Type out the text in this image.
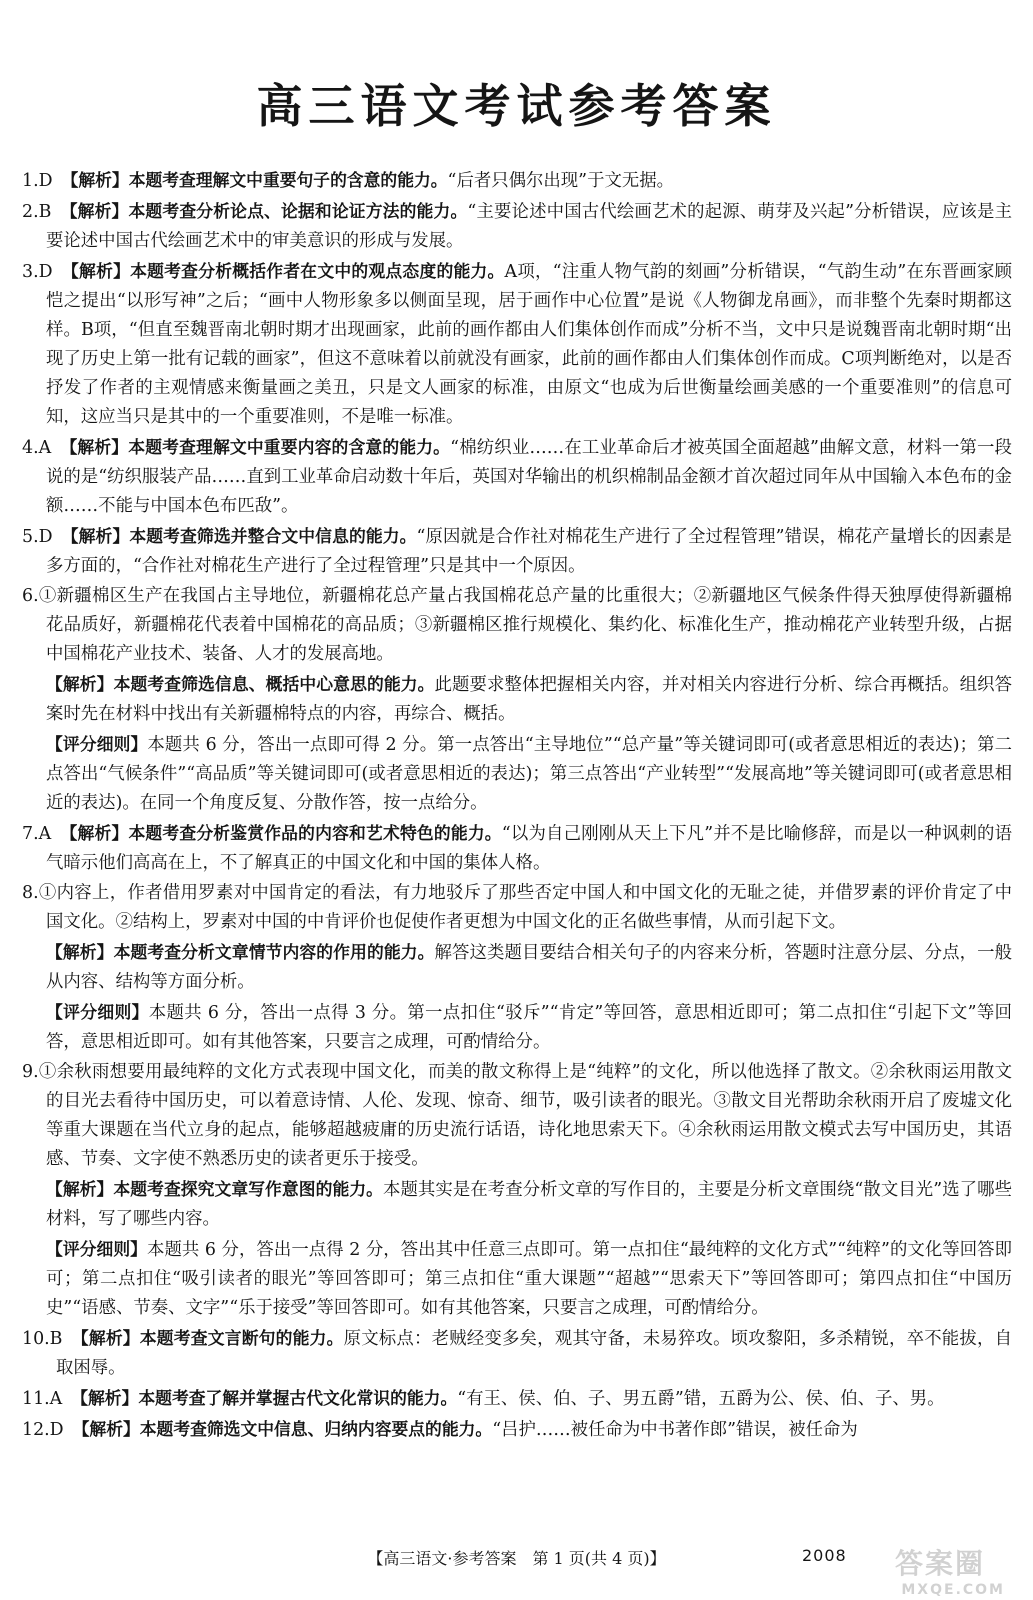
高三语文考试参考答案

1.D　 【解析】本题考查理解文中重要句子的含意的能力。“后者只偶尔出现”于文无据。

2.B　 【解析】本题考查分析论点、论据和论证方法的能力。“主要论述中国古代绘画艺术的起源、萌芽及兴起”分析错误，应该是主要论述中国古代绘画艺术中的审美意识的形成与发展。

3.D　 【解析】本题考查分析概括作者在文中的观点态度的能力。A项，“注重人物气韵的刻画”分析错误，“气韵生动”在东晋画家顾恺之提出“以形写神”之后；“画中人物形象多以侧面呈现，居于画作中心位置”是说《人物御龙帛画》，而非整个先秦时期都这样。B项，“但直至魏晋南北朝时期才出现画家，此前的画作都由人们集体创作而成”分析不当，文中只是说魏晋南北朝时期“出现了历史上第一批有记载的画家”，但这不意味着以前就没有画家，此前的画作都由人们集体创作而成。C项判断绝对，以是否抒发了作者的主观情感来衡量画之美丑，只是文人画家的标准，由原文“也成为后世衡量绘画美感的一个重要准则”的信息可知，这应当只是其中的一个重要准则，不是唯一标准。

4.A　 【解析】本题考查理解文中重要内容的含意的能力。“棉纺织业……在工业革命后才被英国全面超越”曲解文意，材料一第一段说的是“纺织服装产品……直到工业革命启动数十年后，英国对华输出的机织棉制品金额才首次超过同年从中国输入本色布的金额……不能与中国本色布匹敌”。

5.D　 【解析】本题考查筛选并整合文中信息的能力。“原因就是合作社对棉花生产进行了全过程管理”错误，棉花产量增长的因素是多方面的，“合作社对棉花生产进行了全过程管理”只是其中一个原因。

6.①新疆棉区生产在我国占主导地位，新疆棉花总产量占我国棉花总产量的比重很大；②新疆地区气候条件得天独厚使得新疆棉花品质好，新疆棉花代表着中国棉花的高品质；③新疆棉区推行规模化、集约化、标准化生产，推动棉花产业转型升级，占据中国棉花产业技术、装备、人才的发展高地。

【解析】本题考查筛选信息、概括中心意思的能力。此题要求整体把握相关内容，并对相关内容进行分析、综合再概括。组织答案时先在材料中找出有关新疆棉特点的内容，再综合、概括。

【评分细则】本题共 6 分，答出一点即可得 2 分。第一点答出“主导地位”“总产量”等关键词即可(或者意思相近的表达)；第二点答出“气候条件”“高品质”等关键词即可(或者意思相近的表达)；第三点答出“产业转型”“发展高地”等关键词即可(或者意思相近的表达)。在同一个角度反复、分散作答，按一点给分。

7.A　 【解析】本题考查分析鉴赏作品的内容和艺术特色的能力。“以为自己刚刚从天上下凡”并不是比喻修辞，而是以一种讽刺的语气暗示他们高高在上，不了解真正的中国文化和中国的集体人格。

8.①内容上，作者借用罗素对中国肯定的看法，有力地驳斥了那些否定中国人和中国文化的无耻之徒，并借罗素的评价肯定了中国文化。②结构上，罗素对中国的中肯评价也促使作者更想为中国文化的正名做些事情，从而引起下文。

【解析】本题考查分析文章情节内容的作用的能力。解答这类题目要结合相关句子的内容来分析，答题时注意分层、分点，一般从内容、结构等方面分析。

【评分细则】本题共 6 分，答出一点得 3 分。第一点扣住“驳斥”“肯定”等回答，意思相近即可；第二点扣住“引起下文”等回答，意思相近即可。如有其他答案，只要言之成理，可酌情给分。

9.①余秋雨想要用最纯粹的文化方式表现中国文化，而美的散文称得上是“纯粹”的文化，所以他选择了散文。②余秋雨运用散文的目光去看待中国历史，可以着意诗情、人伦、发现、惊奇、细节，吸引读者的眼光。③散文目光帮助余秋雨开启了废墟文化等重大课题在当代立身的起点，能够超越疲庸的历史流行话语，诗化地思索天下。④余秋雨运用散文模式去写中国历史，其语感、节奏、文字使不熟悉历史的读者更乐于接受。

【解析】本题考查探究文章写作意图的能力。本题其实是在考查分析文章的写作目的，主要是分析文章围绕“散文目光”选了哪些材料，写了哪些内容。

【评分细则】本题共 6 分，答出一点得 2 分，答出其中任意三点即可。第一点扣住“最纯粹的文化方式”“纯粹”的文化等回答即可；第二点扣住“吸引读者的眼光”等回答即可；第三点扣住“重大课题”“超越”“思索天下”等回答即可；第四点扣住“中国历史”“语感、节奏、文字”“乐于接受”等回答即可。如有其他答案，只要言之成理，可酌情给分。

10.B　 【解析】本题考查文言断句的能力。原文标点：老贼经变多矣，观其守备，未易猝攻。顷攻黎阳，多杀精锐，卒不能拔，自取困辱。

11.A　 【解析】本题考查了解并掌握古代文化常识的能力。“有王、侯、伯、子、男五爵”错，五爵为公、侯、伯、子、男。

12.D　 【解析】本题考查筛选文中信息、归纳内容要点的能力。“吕护……被任命为中书著作郎”错误，被任命为

【高三语文·参考答案　第 1 页(共 4 页)】	2008 答案圈
MXQE.COM
